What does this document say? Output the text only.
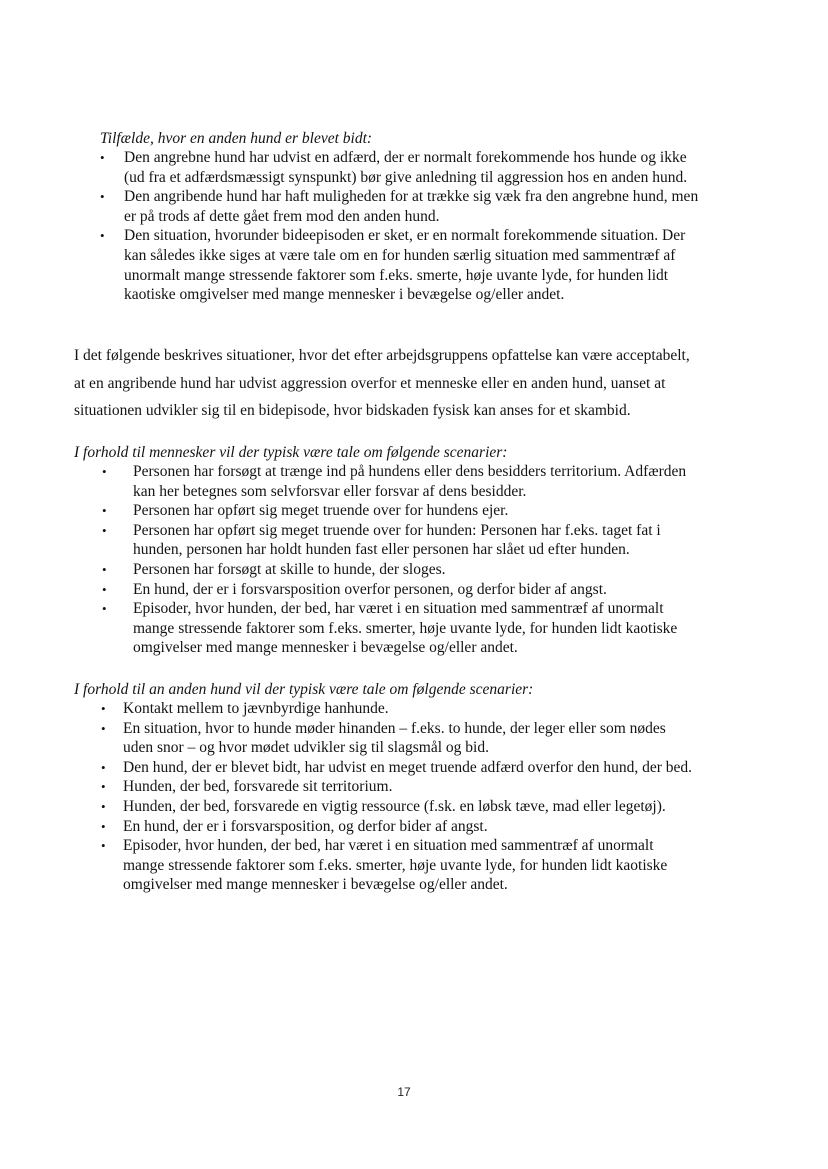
Tilfælde, hvor en anden hund er blevet bidt:
• Den angrebne hund har udvist en adfærd, der er normalt forekommende hos hunde og ikke
(ud fra et adfærdsmæssigt synspunkt) bør give anledning til aggression hos en anden hund.
• Den angribende hund har haft muligheden for at trække sig væk fra den angrebne hund, men
er på trods af dette gået frem mod den anden hund.
• Den situation, hvorunder bideepisoden er sket, er en normalt forekommende situation. Der
kan således ikke siges at være tale om en for hunden særlig situation med sammentræf af
unormalt mange stressende faktorer som f.eks. smerte, høje uvante lyde, for hunden lidt
kaotiske omgivelser med mange mennesker i bevægelse og/eller andet.
I det følgende beskrives situationer, hvor det efter arbejdsgruppens opfattelse kan være acceptabelt,
at en angribende hund har udvist aggression overfor et menneske eller en anden hund, uanset at
situationen udvikler sig til en bidepisode, hvor bidskaden fysisk kan anses for et skambid.
I forhold til mennesker vil der typisk være tale om følgende scenarier:
• Personen har forsøgt at trænge ind på hundens eller dens besidders territorium. Adfærden
kan her betegnes som selvforsvar eller forsvar af dens besidder.
• Personen har opført sig meget truende over for hundens ejer.
• Personen har opført sig meget truende over for hunden: Personen har f.eks. taget fat i
hunden, personen har holdt hunden fast eller personen har slået ud efter hunden.
• Personen har forsøgt at skille to hunde, der sloges.
• En hund, der er i forsvarsposition overfor personen, og derfor bider af angst.
• Episoder, hvor hunden, der bed, har været i en situation med sammentræf af unormalt
mange stressende faktorer som f.eks. smerter, høje uvante lyde, for hunden lidt kaotiske
omgivelser med mange mennesker i bevægelse og/eller andet.
I forhold til an anden hund vil der typisk være tale om følgende scenarier:
• Kontakt mellem to jævnbyrdige hanhunde.
• En situation, hvor to hunde møder hinanden – f.eks. to hunde, der leger eller som nødes
uden snor – og hvor mødet udvikler sig til slagsmål og bid.
• Den hund, der er blevet bidt, har udvist en meget truende adfærd overfor den hund, der bed.
• Hunden, der bed, forsvarede sit territorium.
• Hunden, der bed, forsvarede en vigtig ressource (f.sk. en løbsk tæve, mad eller legetøj).
• En hund, der er i forsvarsposition, og derfor bider af angst.
• Episoder, hvor hunden, der bed, har været i en situation med sammentræf af unormalt
mange stressende faktorer som f.eks. smerter, høje uvante lyde, for hunden lidt kaotiske
omgivelser med mange mennesker i bevægelse og/eller andet.
17
